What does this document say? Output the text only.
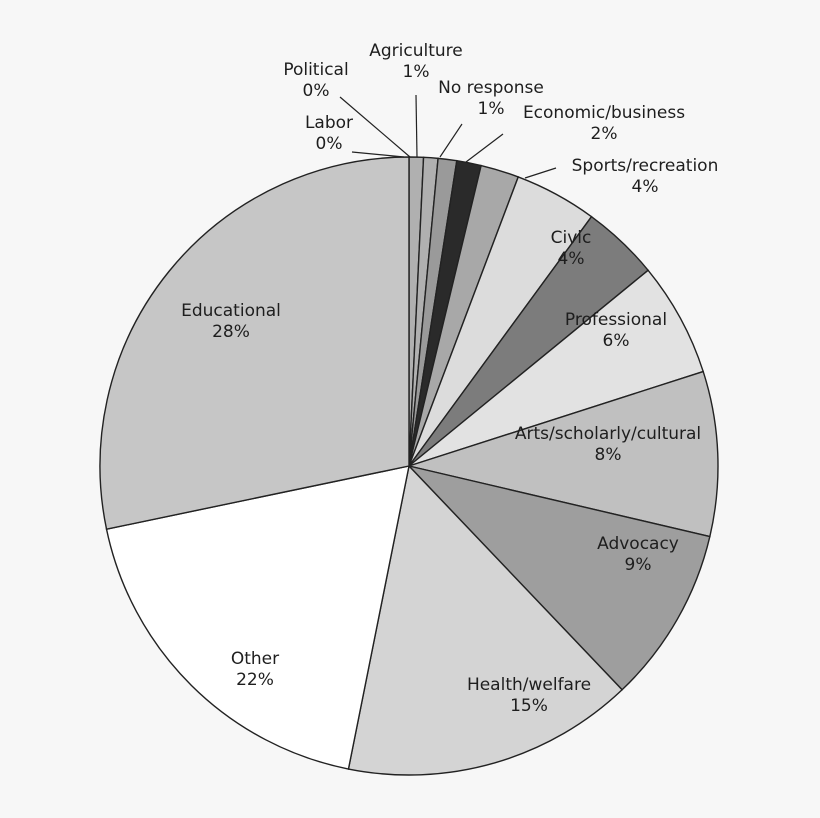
Labor
0%
Political
0%
Agriculture
1%
No response
1% Economic/business
2%
Sports/recreation
4%
Civic
4%
Professional
6%
Arts/scholarly/cultural
8%
Advocacy
9%
Health/welfare
15%
Other
22%
Educational
28%
